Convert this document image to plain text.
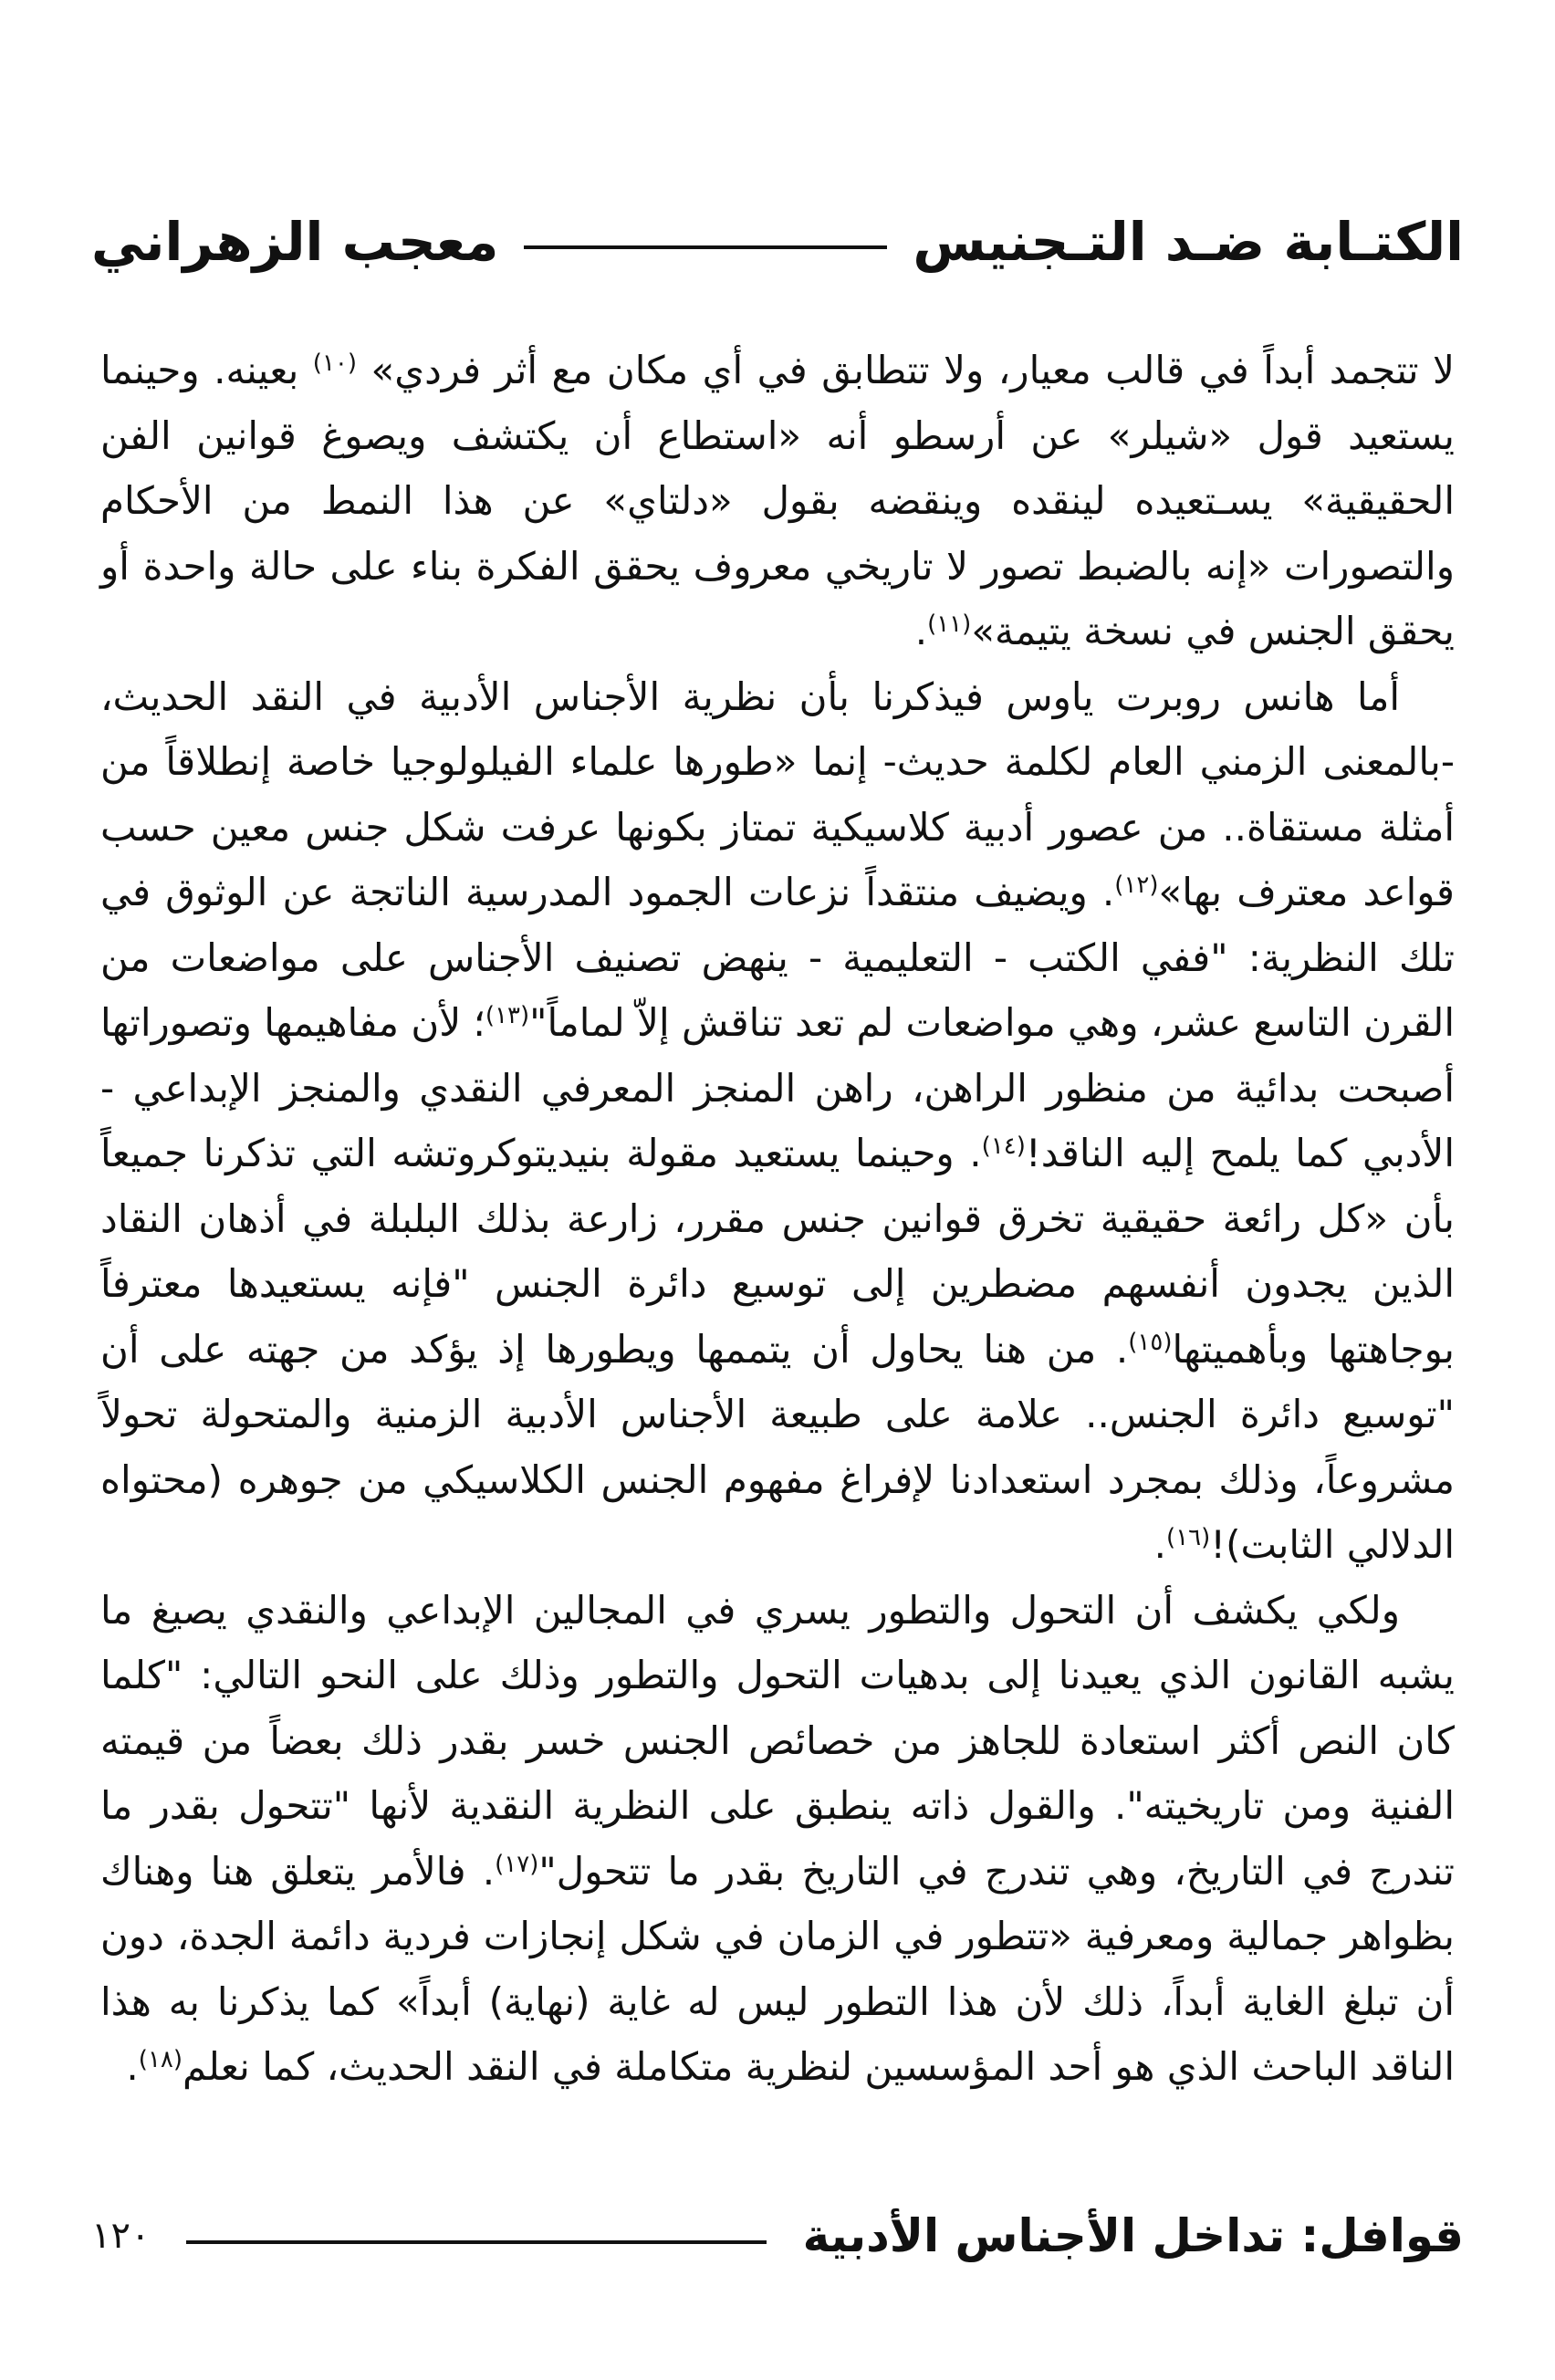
الكتـابة ضـد التـجنيس
معجب الزهراني

لا تتجمد أبداً في قالب معيار، ولا تتطابق في أي مكان مع أثر فردي» $^{(١٠)}$ بعينه. وحينما يستعيد قول «شيلر» عن أرسطو أنه «استطاع أن يكتشف ويصوغ قوانين الفن الحقيقية» يسـتعيده لينقده وينقضه بقول «دلتاي» عن هذا النمط من الأحكام والتصورات «إنه بالضبط تصور لا تاريخي معروف يحقق الفكرة بناء على حالة واحدة أو يحقق الجنس في نسخة يتيمة»$^{(١١)}$.

أما هانس روبرت ياوس فيذكرنا بأن نظرية الأجناس الأدبية في النقد الحديث، -بالمعنى الزمني العام لكلمة حديث- إنما «طورها علماء الفيلولوجيا خاصة إنطلاقاً من أمثلة مستقاة.. من عصور أدبية كلاسيكية تمتاز بكونها عرفت شكل جنس معين حسب قواعد معترف بها»$^{(١٢)}$. ويضيف منتقداً نزعات الجمود المدرسية الناتجة عن الوثوق في تلك النظرية: "ففي الكتب - التعليمية - ينهض تصنيف الأجناس على مواضعات من القرن التاسع عشر، وهي مواضعات لم تعد تناقش إلاّ لماماً"$^{(١٣)}$؛ لأن مفاهيمها وتصوراتها أصبحت بدائية من منظور الراهن، راهن المنجز المعرفي النقدي والمنجز الإبداعي - الأدبي كما يلمح إليه الناقد!$^{(١٤)}$. وحينما يستعيد مقولة بنيديتوكروتشه التي تذكرنا جميعاً بأن «كل رائعة حقيقية تخرق قوانين جنس مقرر، زارعة بذلك البلبلة في أذهان النقاد الذين يجدون أنفسهم مضطرين إلى توسيع دائرة الجنس "فإنه يستعيدها معترفاً بوجاهتها وبأهميتها$^{(١٥)}$. من هنا يحاول أن يتممها ويطورها إذ يؤكد من جهته على أن "توسيع دائرة الجنس.. علامة على طبيعة الأجناس الأدبية الزمنية والمتحولة تحولاً مشروعاً، وذلك بمجرد استعدادنا لإفراغ مفهوم الجنس الكلاسيكي من جوهره (محتواه الدلالي الثابت)!$^{(١٦)}$.

ولكي يكشف أن التحول والتطور يسري في المجالين الإبداعي والنقدي يصيغ ما يشبه القانون الذي يعيدنا إلى بدهيات التحول والتطور وذلك على النحو التالي: "كلما كان النص أكثر استعادة للجاهز من خصائص الجنس خسر بقدر ذلك بعضاً من قيمته الفنية ومن تاريخيته". والقول ذاته ينطبق على النظرية النقدية لأنها "تتحول بقدر ما تندرج في التاريخ، وهي تندرج في التاريخ بقدر ما تتحول"$^{(١٧)}$. فالأمر يتعلق هنا وهناك بظواهر جمالية ومعرفية «تتطور في الزمان في شكل إنجازات فردية دائمة الجدة، دون أن تبلغ الغاية أبداً، ذلك لأن هذا التطور ليس له غاية (نهاية) أبداً» كما يذكرنا به هذا الناقد الباحث الذي هو أحد المؤسسين لنظرية متكاملة في النقد الحديث، كما نعلم$^{(١٨)}$.

قوافل: تداخل الأجناس الأدبية
١٢٠
